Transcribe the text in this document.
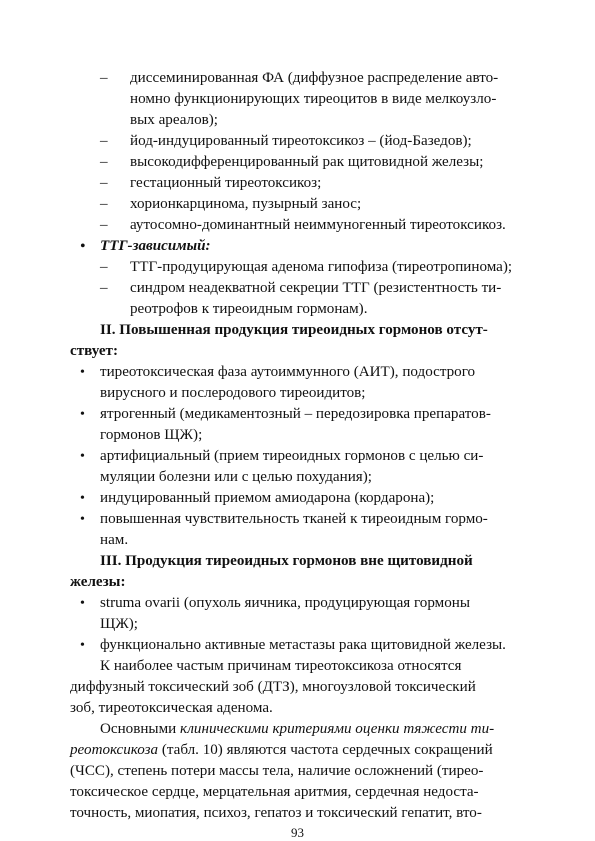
– диссеминированная ФА (диффузное распределение авто-
номно функционирующих тиреоцитов в виде мелкоузло-
вых ареалов);
– йод-индуцированный тиреотоксикоз – (йод-Базедов);
– высокодифференцированный рак щитовидной железы;
– гестационный тиреотоксикоз;
– хорионкарцинома, пузырный занос;
– аутосомно-доминантный неиммуногенный тиреотоксикоз.
• ТТГ-зависимый:
– ТТГ-продуцирующая аденома гипофиза (тиреотропинома);
– синдром неадекватной секреции ТТГ (резистентность ти-
реотрофов к тиреоидным гормонам).
II. Повышенная продукция тиреоидных гормонов отсут-
ствует:
• тиреотоксическая фаза аутоиммунного (АИТ), подострого
вирусного и послеродового тиреоидитов;
• ятрогенный (медикаментозный – передозировка препаратов-
гормонов ЩЖ);
• артифициальный (прием тиреоидных гормонов с целью си-
муляции болезни или с целью похудания);
• индуцированный приемом амиодарона (кордарона);
• повышенная чувствительность тканей к тиреоидным гормо-
нам.
III. Продукция тиреоидных гормонов вне щитовидной
железы:
• struma ovarii (опухоль яичника, продуцирующая гормоны
ЩЖ);
• функционально активные метастазы рака щитовидной железы.
К наиболее частым причинам тиреотоксикоза относятся
диффузный токсический зоб (ДТЗ), многоузловой токсический
зоб, тиреотоксическая аденома.
Основными клиническими критериями оценки тяжести ти-
реотоксикоза (табл. 10) являются частота сердечных сокращений
93
(ЧСС), степень потери массы тела, наличие осложнений (тирео-
токсическое сердце, мерцательная аритмия, сердечная недоста-
точность, миопатия, психоз, гепатоз и токсический гепатит, вто-
